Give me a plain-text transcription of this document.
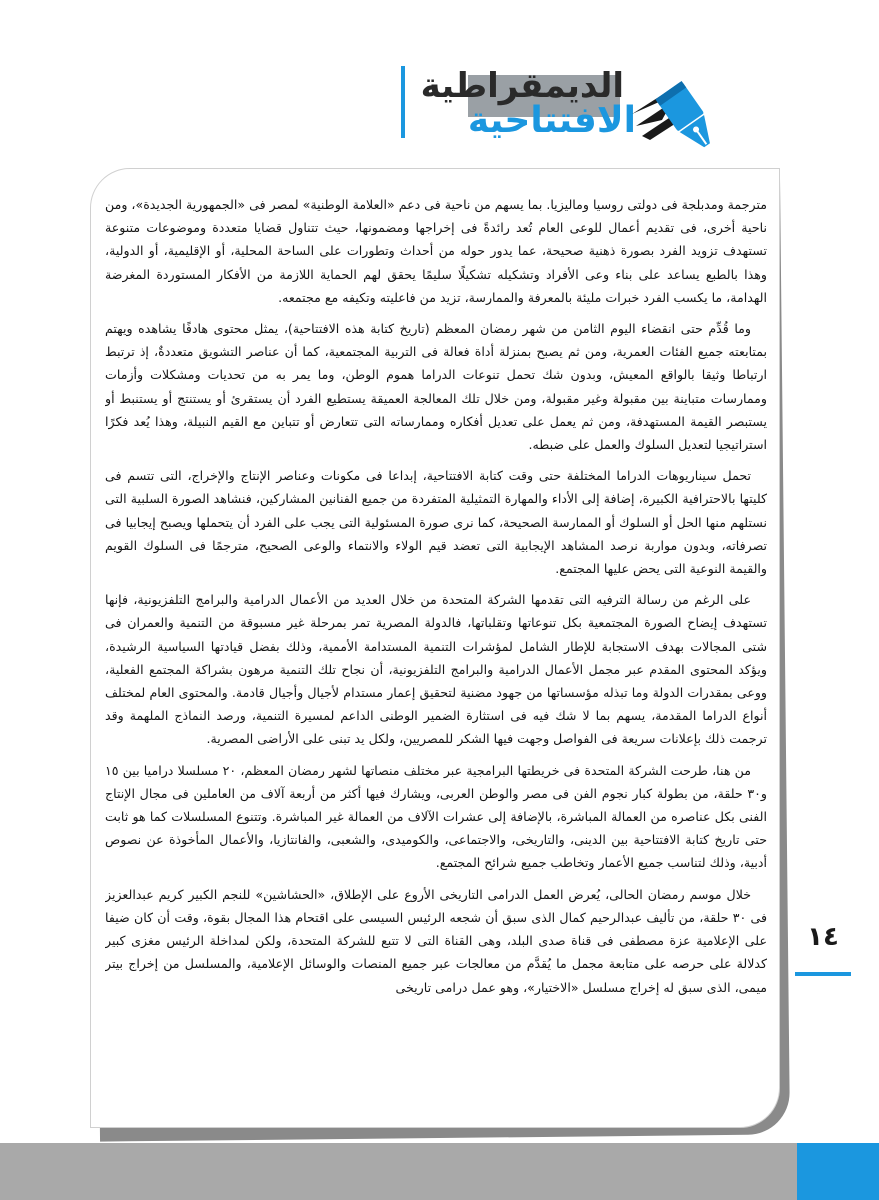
الديمقراطية
الافتتاحية

مترجمة ومدبلجة فى دولتى روسيا وماليزيا. بما يسهم من ناحية فى دعم «العلامة الوطنية» لمصر فى «الجمهورية الجديدة»، ومن ناحية أخرى، فى تقديم أعمال للوعى العام تُعد رائدةً فى إخراجها ومضمونها، حيث تتناول قضايا متعددة وموضوعات متنوعة تستهدف تزويد الفرد بصورة ذهنية صحيحة، عما يدور حوله من أحداث وتطورات على الساحة المحلية، أو الإقليمية، أو الدولية، وهذا بالطبع يساعد على بناء وعى الأفراد وتشكيله تشكيلًا سليمًا يحقق لهم الحماية اللازمة من الأفكار المستوردة المغرضة الهدامة، ما يكسب الفرد خبرات مليئة بالمعرفة والممارسة، تزيد من فاعليته وتكيفه مع مجتمعه.

وما قُدِّم حتى انقضاء اليوم الثامن من شهر رمضان المعظم (تاريخ كتابة هذه الافتتاحية)، يمثل محتوى هادفًا يشاهده ويهتم بمتابعته جميع الفئات العمرية، ومن ثم يصبح بمنزلة أداة فعالة فى التربية المجتمعية، كما أن عناصر التشويق متعددةٌ، إذ ترتبط ارتباطا وثيقا بالواقع المعيش، وبدون شك تحمل تنوعات الدراما هموم الوطن، وما يمر به من تحديات ومشكلات وأزمات وممارسات متباينة بين مقبولة وغير مقبولة، ومن خلال تلك المعالجة العميقة يستطيع الفرد أن يستقرئ أو يستنتج أو يستنبط أو يستبصر القيمة المستهدفة، ومن ثم يعمل على تعديل أفكاره وممارساته التى تتعارض أو تتباين مع القيم النبيلة، وهذا يُعد فكرًا استراتيجيا لتعديل السلوك والعمل على ضبطه.

تحمل سيناريوهات الدراما المختلفة حتى وقت كتابة الافتتاحية، إبداعا فى مكونات وعناصر الإنتاج والإخراج، التى تتسم فى كليتها بالاحترافية الكبيرة، إضافة إلى الأداء والمهارة التمثيلية المتفردة من جميع الفنانين المشاركين، فنشاهد الصورة السلبية التى نستلهم منها الحل أو السلوك أو الممارسة الصحيحة، كما نرى صورة المسئولية التى يجب على الفرد أن يتحملها ويصبح إيجابيا فى تصرفاته، وبدون مواربة نرصد المشاهد الإيجابية التى تعضد قيم الولاء والانتماء والوعى الصحيح، مترجمًا فى السلوك القويم والقيمة النوعية التى يحض عليها المجتمع.

على الرغم من رسالة الترفيه التى تقدمها الشركة المتحدة من خلال العديد من الأعمال الدرامية والبرامج التلفزيونية، فإنها تستهدف إيضاح الصورة المجتمعية بكل تنوعاتها وتقلباتها، فالدولة المصرية تمر بمرحلة غير مسبوقة من التنمية والعمران فى شتى المجالات بهدف الاستجابة للإطار الشامل لمؤشرات التنمية المستدامة الأممية، وذلك بفضل قيادتها السياسية الرشيدة، ويؤكد المحتوى المقدم عبر مجمل الأعمال الدرامية والبرامج التلفزيونية، أن نجاح تلك التنمية مرهون بشراكة المجتمع الفعلية، ووعى بمقدرات الدولة وما تبذله مؤسساتها من جهود مضنية لتحقيق إعمار مستدام لأجيال وأجيال قادمة. والمحتوى العام لمختلف أنواع الدراما المقدمة، يسهم بما لا شك فيه فى استثارة الضمير الوطنى الداعم لمسيرة التنمية، ورصد النماذج الملهمة وقد ترجمت ذلك بإعلانات سريعة فى الفواصل وجهت فيها الشكر للمصريين، ولكل يد تبنى على الأراضى المصرية.

من هنا، طرحت الشركة المتحدة فى خريطتها البرامجية عبر مختلف منصاتها لشهر رمضان المعظم، ٢٠ مسلسلا دراميا بين ١٥ و٣٠ حلقة، من بطولة كبار نجوم الفن فى مصر والوطن العربى، ويشارك فيها أكثر من أربعة آلاف من العاملين فى مجال الإنتاج الفنى بكل عناصره من العمالة المباشرة، بالإضافة إلى عشرات الآلاف من العمالة غير المباشرة. وتتنوع المسلسلات كما هو ثابت حتى تاريخ كتابة الافتتاحية بين الدينى، والتاريخى، والاجتماعى، والكوميدى، والشعبى، والفانتازيا، والأعمال المأخوذة عن نصوص أدبية، وذلك لتناسب جميع الأعمار وتخاطب جميع شرائح المجتمع.

خلال موسم رمضان الحالى، يُعرض العمل الدرامى التاريخى الأروع على الإطلاق، «الحشاشين» للنجم الكبير كريم عبدالعزيز فى ٣٠ حلقة، من تأليف عبدالرحيم كمال الذى سبق أن شجعه الرئيس السيسى على اقتحام هذا المجال بقوة، وقت أن كان ضيفا على الإعلامية عزة مصطفى فى قناة صدى البلد، وهى القناة التى لا تتبع للشركة المتحدة، ولكن لمداخلة الرئيس مغزى كبير كدلالة على حرصه على متابعة مجمل ما يُقدَّم من معالجات عبر جميع المنصات والوسائل الإعلامية، والمسلسل من إخراج بيتر ميمى، الذى سبق له إخراج مسلسل «الاختيار»، وهو عمل درامى تاريخى

١٤
